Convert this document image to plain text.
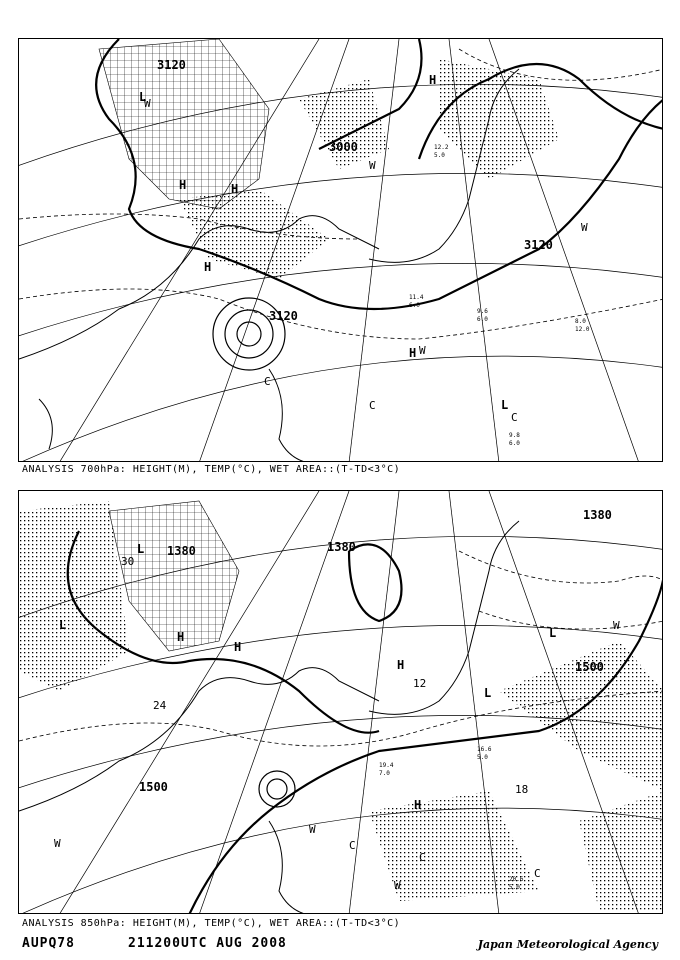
3120
3000
3120
3120
L
H
H
H
H
H
L
C
C
C
W
W
W
W
9.8
6.0
8.0
12.0
9.6
6.0
11.4
6.0
12.2
5.0
ANALYSIS 700hPa: HEIGHT(M), TEMP(°C), WET AREA::(T-TD<3°C)
1380	1380
1380
1500
1500
L
H
H
H
H
L
L
L
C
C
C
W
W
W
W
24
30
12
18
16.6
5.0
19.4
7.0
20.6
5.0
ANALYSIS 850hPa: HEIGHT(M), TEMP(°C), WET AREA::(T-TD<3°C)
AUPQ78	211200UTC AUG 2008	Japan Meteorological Agency
